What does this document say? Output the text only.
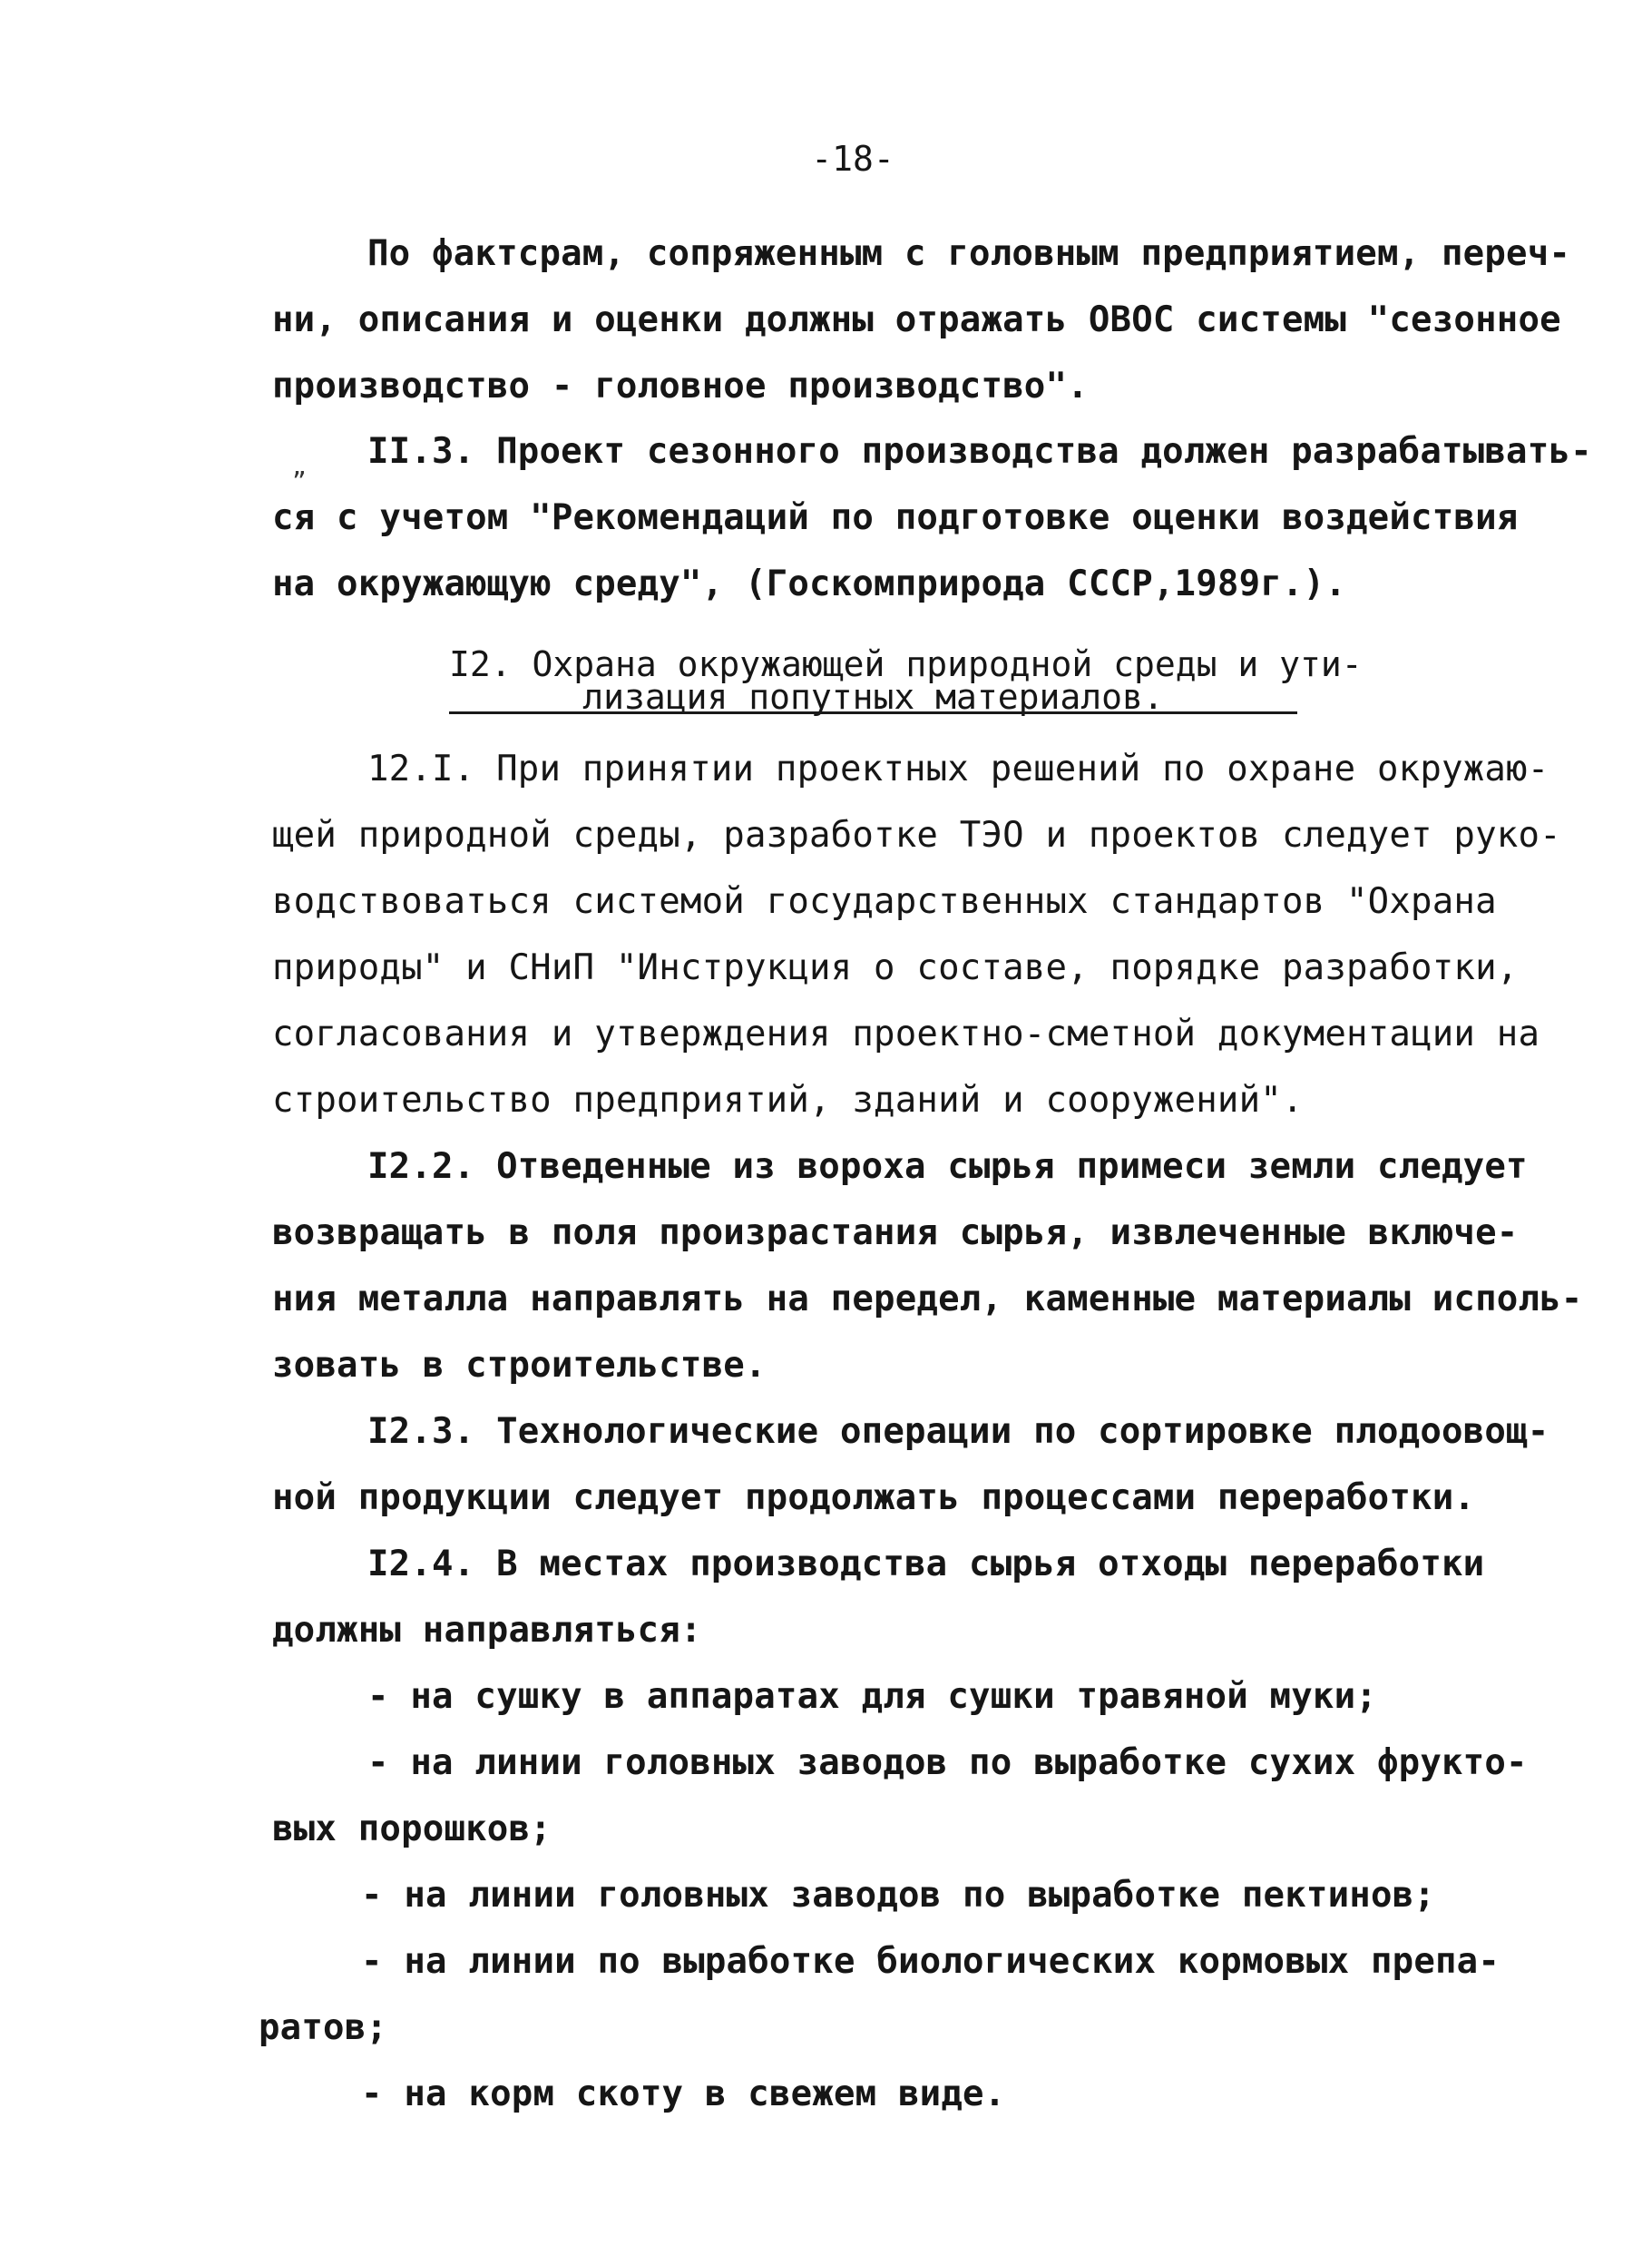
-18-
По фактсрам, сопряженным с головным предприятием, переч-
ни, описания и оценки должны отражать ОВОС системы "сезонное
производство - головное производство".
„ II.3. Проект сезонного производства должен разрабатывать-
ся с учетом "Рекомендаций по подготовке оценки воздействия
на окружающую среду", (Госкомприрода СССР,1989г.).
I2. Охрана окружающей природной среды и ути-
лизация попутных материалов.
12.I. При принятии проектных решений по охране окружаю-
щей природной среды, разработке ТЭО и проектов следует руко-
водствоваться системой государственных стандартов "Охрана
природы" и СНиП "Инструкция о составе, порядке разработки,
согласования и утверждения проектно-сметной документации на
строительство предприятий, зданий и сооружений".
I2.2. Отведенные из вороха сырья примеси земли следует
возвращать в поля произрастания сырья, извлеченные включе-
ния металла направлять на передел, каменные материалы исполь-
зовать в строительстве.
I2.3. Технологические операции по сортировке плодоовощ-
ной продукции следует продолжать процессами переработки.
I2.4. В местах производства сырья отходы переработки
должны направляться:
- на сушку в аппаратах для сушки травяной муки;
- на линии головных заводов по выработке сухих фрукто-
вых порошков;
- на линии головных заводов по выработке пектинов;
- на линии по выработке биологических кормовых препа-
ратов;
- на корм скоту в свежем виде.
